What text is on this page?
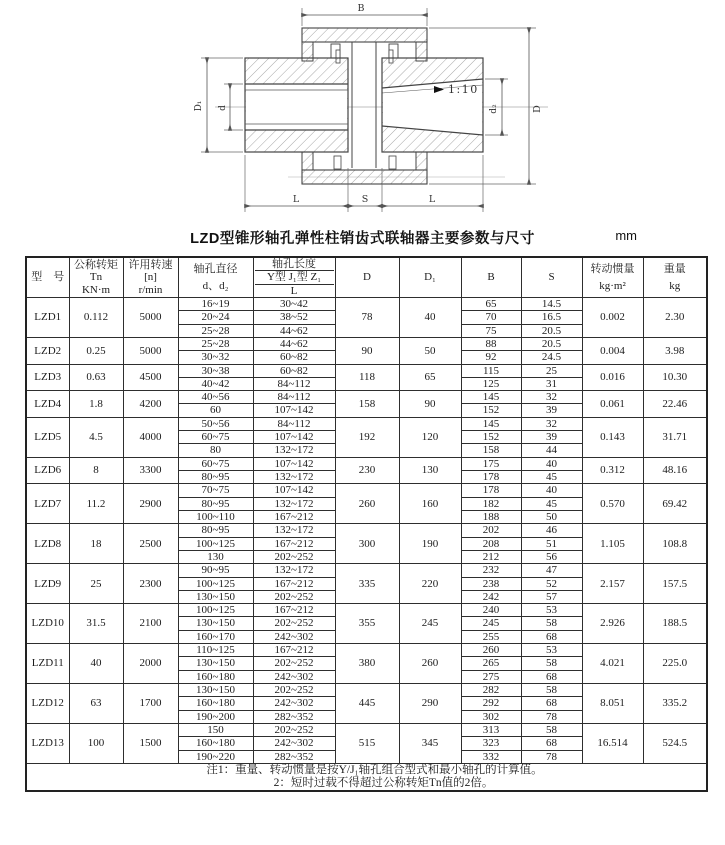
1:10
B
D
d₂
D₁ d
L	S	L
LZD型锥形轴孔弹性柱销齿式联轴器主要参数与尺寸	mm
型　号

公称转矩
Tn
KN·m

许用转速
[n]
r/min

轴孔直径
d、d₂

轴孔长度
Y型 J₁型 Z₁
L

D	D₁	B	S

转动惯量
kg·m²

重量
kg

LZD1	0.112	5000	16~19	30~42	78	40	65	14.5	0.002	2.30
			20~24	38~52			70	16.5		
			25~28	44~62			75	20.5		
LZD2	0.25	5000	25~28	44~62	90	50	88	20.5	0.004	3.98
			30~32	60~82			92	24.5		
LZD3	0.63	4500	30~38	60~82	118	65	115	25	0.016	10.30
			40~42	84~112			125	31		
LZD4	1.8	4200	40~56	84~112	158	90	145	32	0.061	22.46
			60	107~142			152	39		
LZD5	4.5	4000	50~56	84~112	192	120	145	32	0.143	31.71
			60~75	107~142			152	39		
			80	132~172			158	44		
LZD6	8	3300	60~75	107~142	230	130	175	40	0.312	48.16
			80~95	132~172			178	45		
LZD7	11.2	2900	70~75	107~142	260	160	178	40	0.570	69.42
			80~95	132~172			182	45		
			100~110	167~212			188	50		
LZD8	18	2500	80~95	132~172	300	190	202	46	1.105	108.8
			100~125	167~212			208	51		
			130	202~252			212	56		
LZD9	25	2300	90~95	132~172	335	220	232	47	2.157	157.5
			100~125	167~212			238	52		
			130~150	202~252			242	57		
LZD10	31.5	2100	100~125	167~212	355	245	240	53	2.926	188.5
			130~150	202~252			245	58		
			160~170	242~302			255	68		
LZD11	40	2000	110~125	167~212	380	260	260	53	4.021	225.0
			130~150	202~252			265	58		
			160~180	242~302			275	68		
LZD12	63	1700	130~150	202~252	445	290	282	58	8.051	335.2
			160~180	242~302			292	68		
			190~200	282~352			302	78		
LZD13	100	1500	150	202~252	515	345	313	58	16.514	524.5
			160~180	242~302			323	68		
			190~220	282~352			332	78		

注1：重量、转动惯量是按Y/J₁轴孔组合型式和最小轴孔的计算值。
2：短时过载不得超过公称转矩Tn值的2倍。										
